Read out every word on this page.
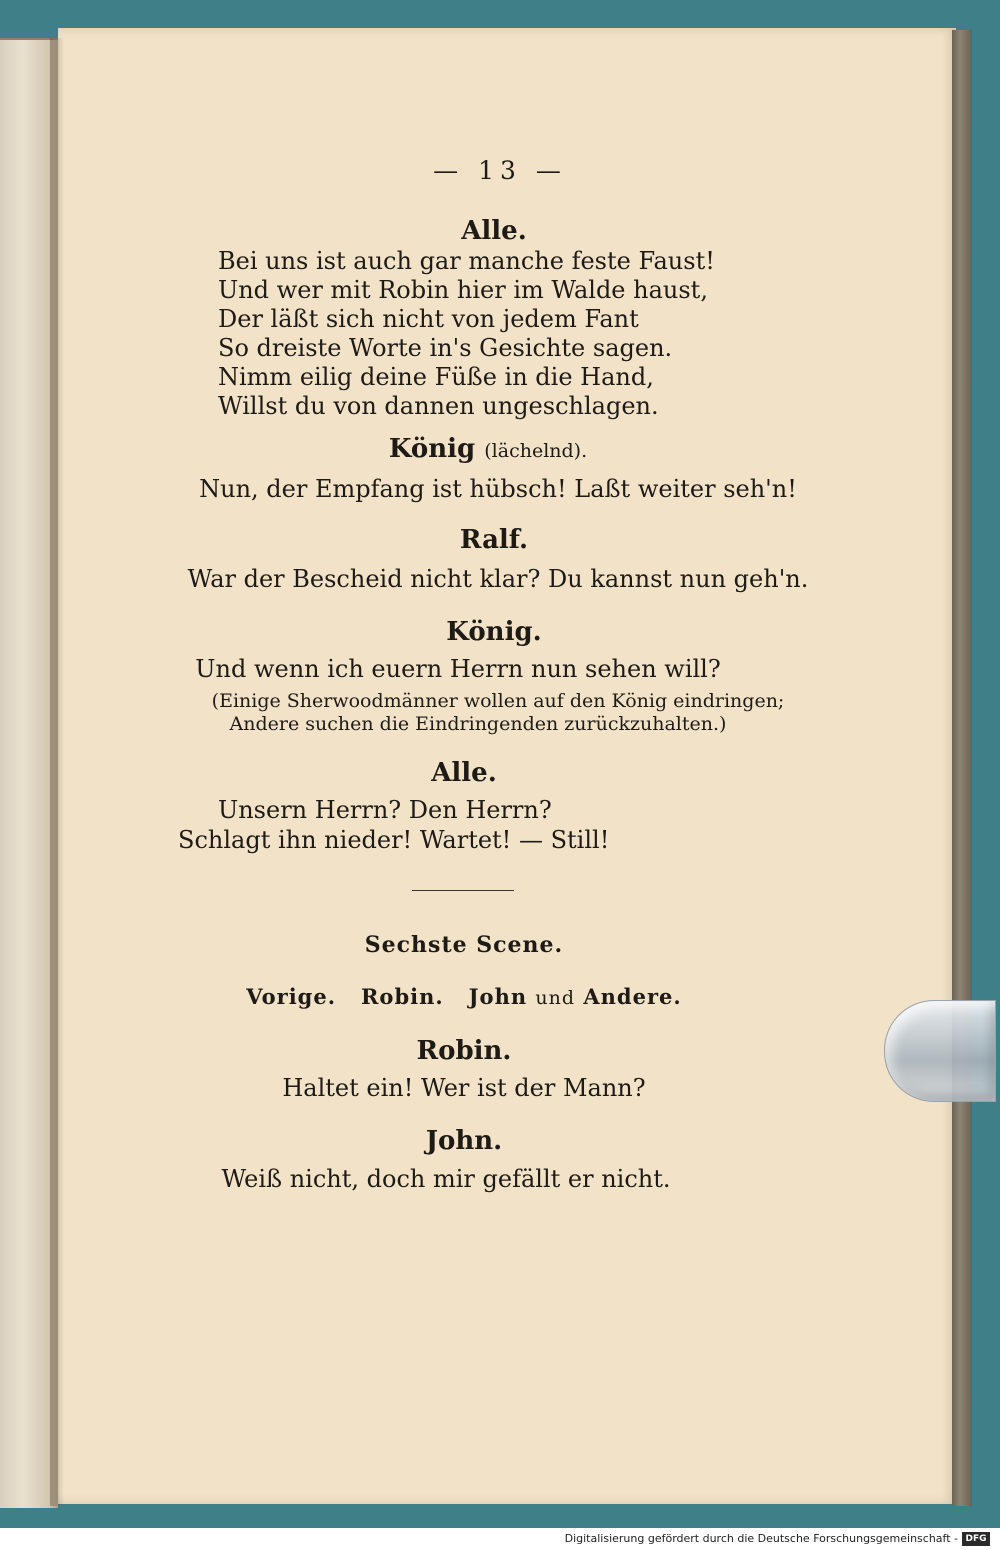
— 13 —
Alle.
Bei uns ist auch gar manche feste Faust!
Und wer mit Robin hier im Walde haust,
Der läßt sich nicht von jedem Fant
So dreiste Worte in's Gesichte sagen.
Nimm eilig deine Füße in die Hand,
Willst du von dannen ungeschlagen.
König (lächelnd).
Nun, der Empfang ist hübsch! Laßt weiter seh'n!
Ralf.
War der Bescheid nicht klar? Du kannst nun geh'n.
König.
Und wenn ich euern Herrn nun sehen will?
(Einige Sherwoodmänner wollen auf den König eindringen;
Andere suchen die Eindringenden zurückzuhalten.)
Alle.
Unsern Herrn? Den Herrn?
Schlagt ihn nieder! Wartet! — Still!
Sechste Scene.
Vorige. Robin. John und Andere.
Robin.
Haltet ein! Wer ist der Mann?
John.
Weiß nicht, doch mir gefällt er nicht.
Digitalisierung gefördert durch die Deutsche Forschungsgemeinschaft - DFG
